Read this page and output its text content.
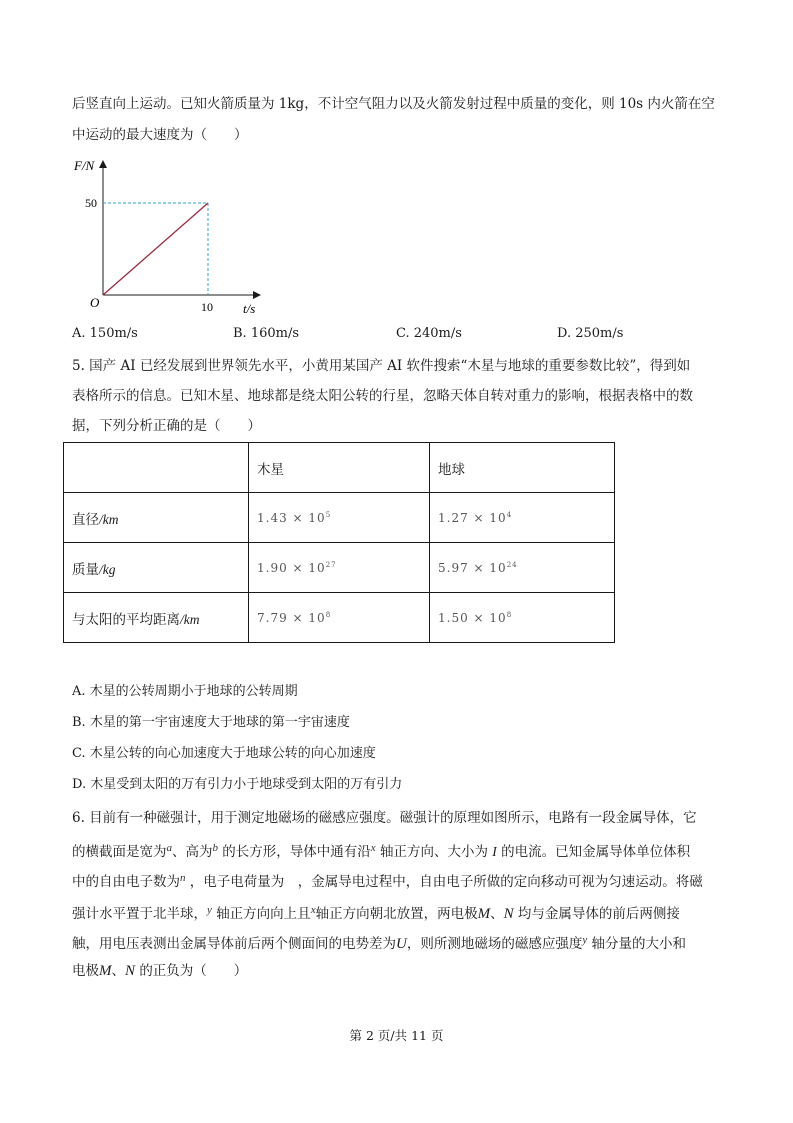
后竖直向上运动。已知火箭质量为 1kg，不计空气阻力以及火箭发射过程中质量的变化，则 10s 内火箭在空
中运动的最大速度为（　　）
F/N
t/s
O
50
10
A. 150m/s	B. 160m/s	C. 240m/s	D. 250m/s
5. 国产 AI 已经发展到世界领先水平，小黄用某国产 AI 软件搜索“木星与地球的重要参数比较”，得到如
表格所示的信息。已知木星、地球都是绕太阳公转的行星，忽略天体自转对重力的影响，根据表格中的数
据，下列分析正确的是（　　）
	木星	地球
直径/km	$1.43 \times 10^5$	$1.27 \times 10^4$
质量/kg	$1.90 \times 10^{27}$	$5.97 \times 10^{24}$
与太阳的平均距离/km	$7.79 \times 10^8$	$1.50 \times 10^8$
A. 木星的公转周期小于地球的公转周期
B. 木星的第一宇宙速度大于地球的第一宇宙速度
C. 木星公转的向心加速度大于地球公转的向心加速度
D. 木星受到太阳的万有引力小于地球受到太阳的万有引力
6. 目前有一种磁强计，用于测定地磁场的磁感应强度。磁强计的原理如图所示，电路有一段金属导体，它
的横截面是宽为$^a$、高为$^b$ 的长方形，导体中通有沿$^x$ 轴正方向、大小为 I 的电流。已知金属导体单位体积
中的自由电子数为$^n$ ，电子电荷量为　，金属导电过程中，自由电子所做的定向移动可视为匀速运动。将磁
强计水平置于北半球，$^y$ 轴正方向向上且$^x$轴正方向朝北放置，两电极M、N 均与金属导体的前后两侧接
触，用电压表测出金属导体前后两个侧面间的电势差为U，则所测地磁场的磁感应强度$^y$ 轴分量的大小和
电极M、N 的正负为（　　）
第 2 页/共 11 页
